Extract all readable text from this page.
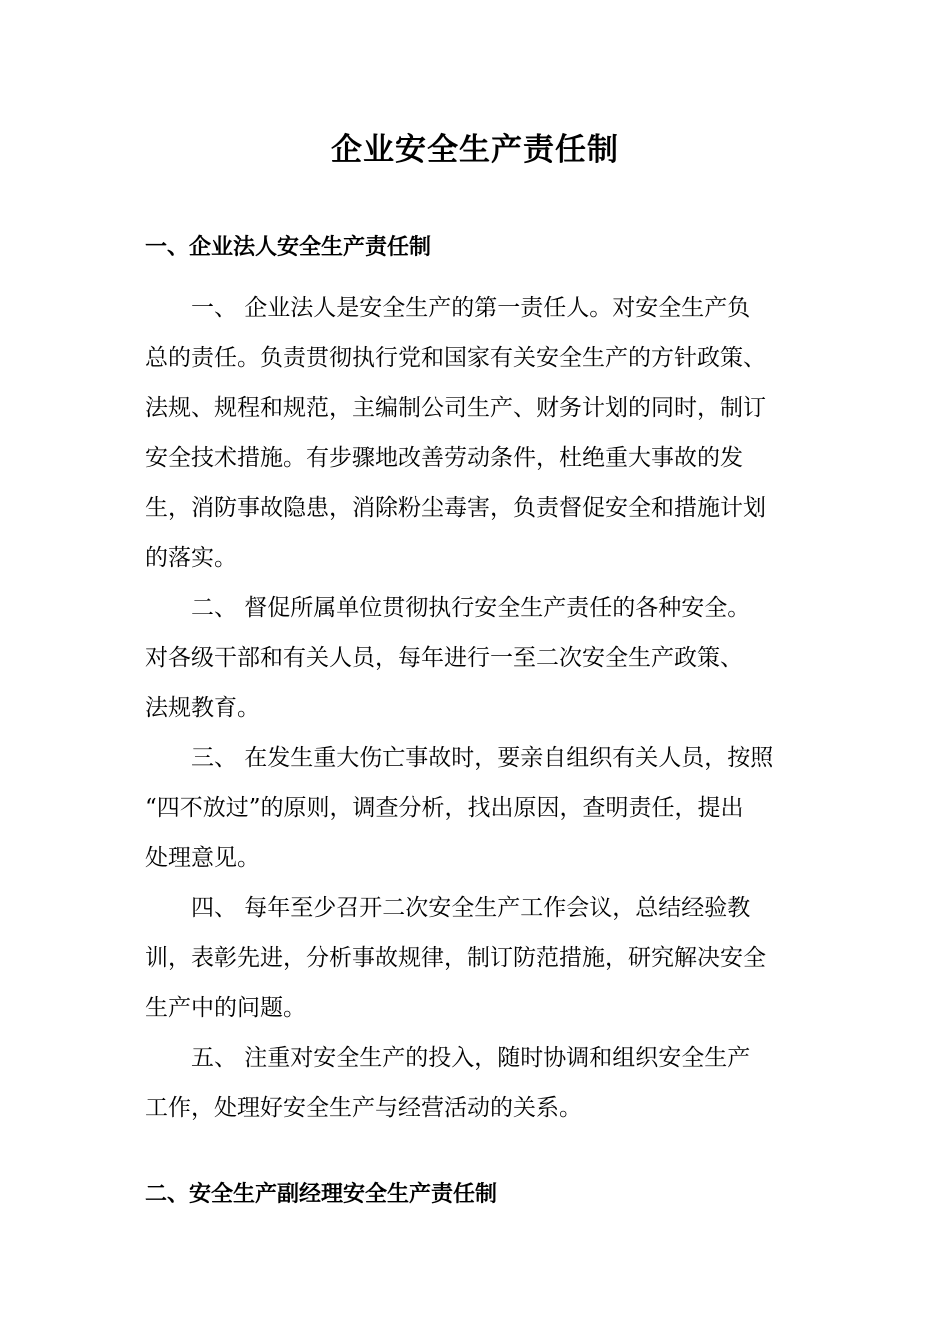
企业安全生产责任制
一、企业法人安全生产责任制

一、 企业法人是安全生产的第一责任人。对安全生产负
总的责任。负责贯彻执行党和国家有关安全生产的方针政策、
法规、规程和规范，主编制公司生产、财务计划的同时，制订
安全技术措施。有步骤地改善劳动条件，杜绝重大事故的发
生，消防事故隐患，消除粉尘毒害，负责督促安全和措施计划
的落实。

二、 督促所属单位贯彻执行安全生产责任的各种安全。
对各级干部和有关人员，每年进行一至二次安全生产政策、
法规教育。

三、 在发生重大伤亡事故时，要亲自组织有关人员，按照
“四不放过”的原则，调查分析，找出原因，查明责任，提出
处理意见。

四、 每年至少召开二次安全生产工作会议，总结经验教
训，表彰先进，分析事故规律，制订防范措施，研究解决安全
生产中的问题。

五、 注重对安全生产的投入，随时协调和组织安全生产
工作，处理好安全生产与经营活动的关系。

二、安全生产副经理安全生产责任制
